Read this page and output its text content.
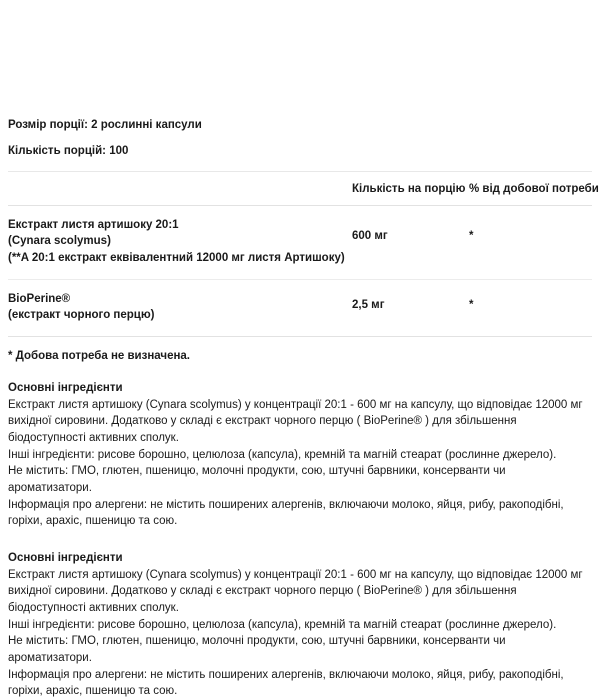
Розмір порції: 2 рослинні капсули

Кількість порцій: 100

	Кількість на порцію	% від добової потреби

Екстракт листя артишоку 20:1
(Cynara scolymus)
(**A 20:1 екстракт еквівалентний 12000 мг листя Артишоку)	600 мг	*

BioPerine®
(екстракт чорного перцю)	2,5 мг	*
* Добова потреба не визначена.

Основні інгредієнти

Екстракт листя артишоку (Cynara scolymus) у концентрації 20:1 - 600 мг на капсулу, що відповідає 12000 мг вихідної сировини. Додатково у складі є екстракт чорного перцю ( BioPerine® ) для збільшення біодоступності активних сполук.
Інші інгредієнти: рисове борошно, целюлоза (капсула), кремній та магній стеарат (рослинне джерело).
Не містить: ГМО, глютен, пшеницю, молочні продукти, сою, штучні барвники, консерванти чи ароматизатори.
Інформація про алергени: не містить поширених алергенів, включаючи молоко, яйця, рибу, ракоподібні, горіхи, арахіс, пшеницю та сою.

Основні інгредієнти

Екстракт листя артишоку (Cynara scolymus) у концентрації 20:1 - 600 мг на капсулу, що відповідає 12000 мг вихідної сировини. Додатково у складі є екстракт чорного перцю ( BioPerine® ) для збільшення біодоступності активних сполук.
Інші інгредієнти: рисове борошно, целюлоза (капсула), кремній та магній стеарат (рослинне джерело).
Не містить: ГМО, глютен, пшеницю, молочні продукти, сою, штучні барвники, консерванти чи ароматизатори.
Інформація про алергени: не містить поширених алергенів, включаючи молоко, яйця, рибу, ракоподібні, горіхи, арахіс, пшеницю та сою.
